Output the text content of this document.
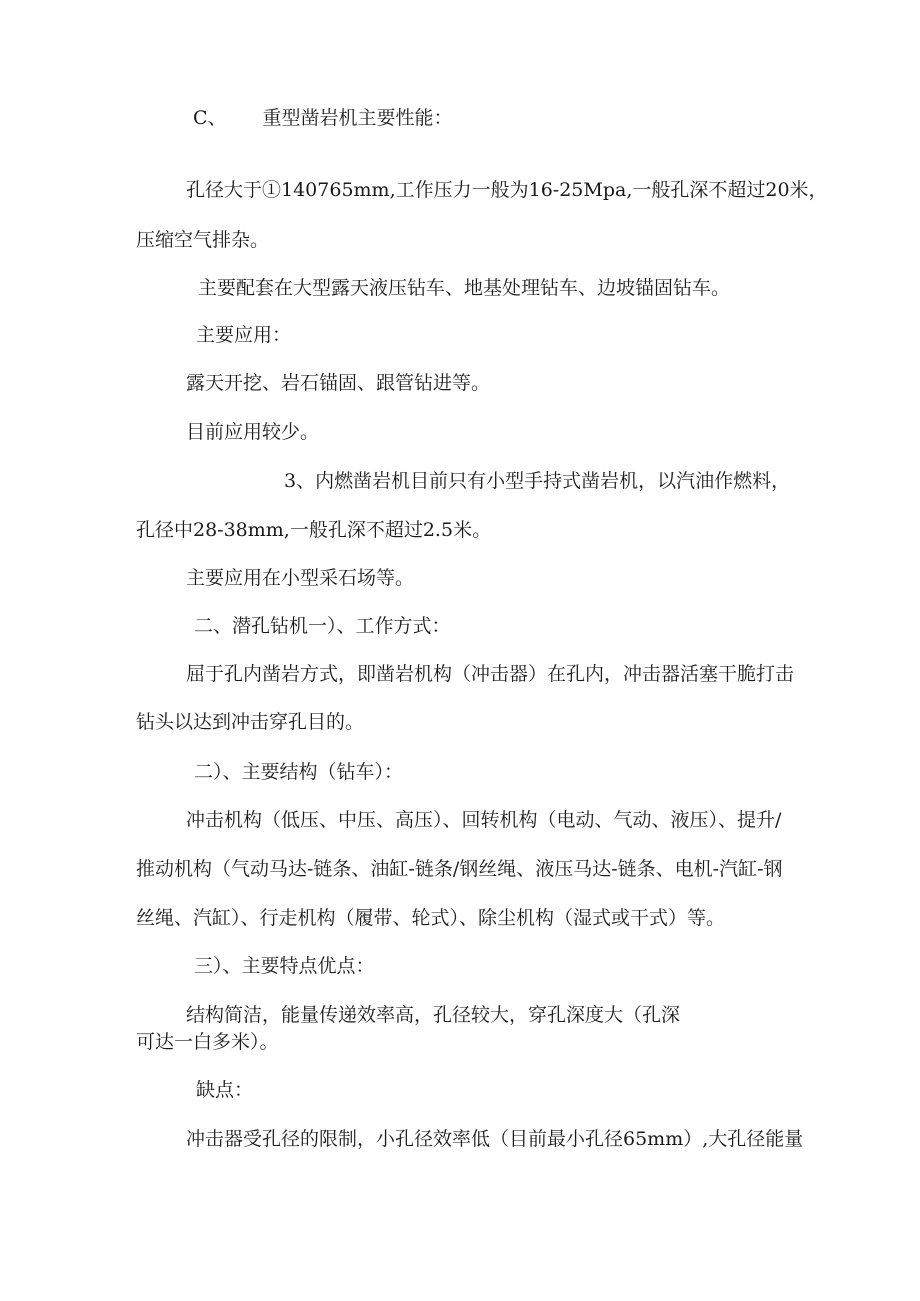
C、 重型凿岩机主要性能：

孔径大于①140765mm,工作压力一般为16-25Mpa,一般孔深不超过20米，

压缩空气排杂。

主要配套在大型露天液压钻车、地基处理钻车、边坡锚固钻车。

主要应用：

露天开挖、岩石锚固、跟管钻进等。

目前应用较少。

3、内燃凿岩机目前只有小型手持式凿岩机，以汽油作燃料，

孔径中28-38mm,一般孔深不超过2.5米。

主要应用在小型采石场等。

二、潜孔钻机一）、工作方式：

屈于孔内凿岩方式，即凿岩机构（冲击器）在孔内，冲击器活塞干脆打击

钻头以达到冲击穿孔目的。

二）、主要结构（钻车）：

冲击机构（低压、中压、高压）、回转机构（电动、气动、液压）、提升/

推动机构（气动马达-链条、油缸-链条/钢丝绳、液压马达-链条、电机-汽缸-钢

丝绳、汽缸）、行走机构（履带、轮式）、除尘机构（湿式或干式）等。

三）、主要特点优点：

结构简洁，能量传递效率高，孔径较大，穿孔深度大（孔深

可达一白多米）。

缺点：

冲击器受孔径的限制，小孔径效率低（目前最小孔径65mm）,大孔径能量
